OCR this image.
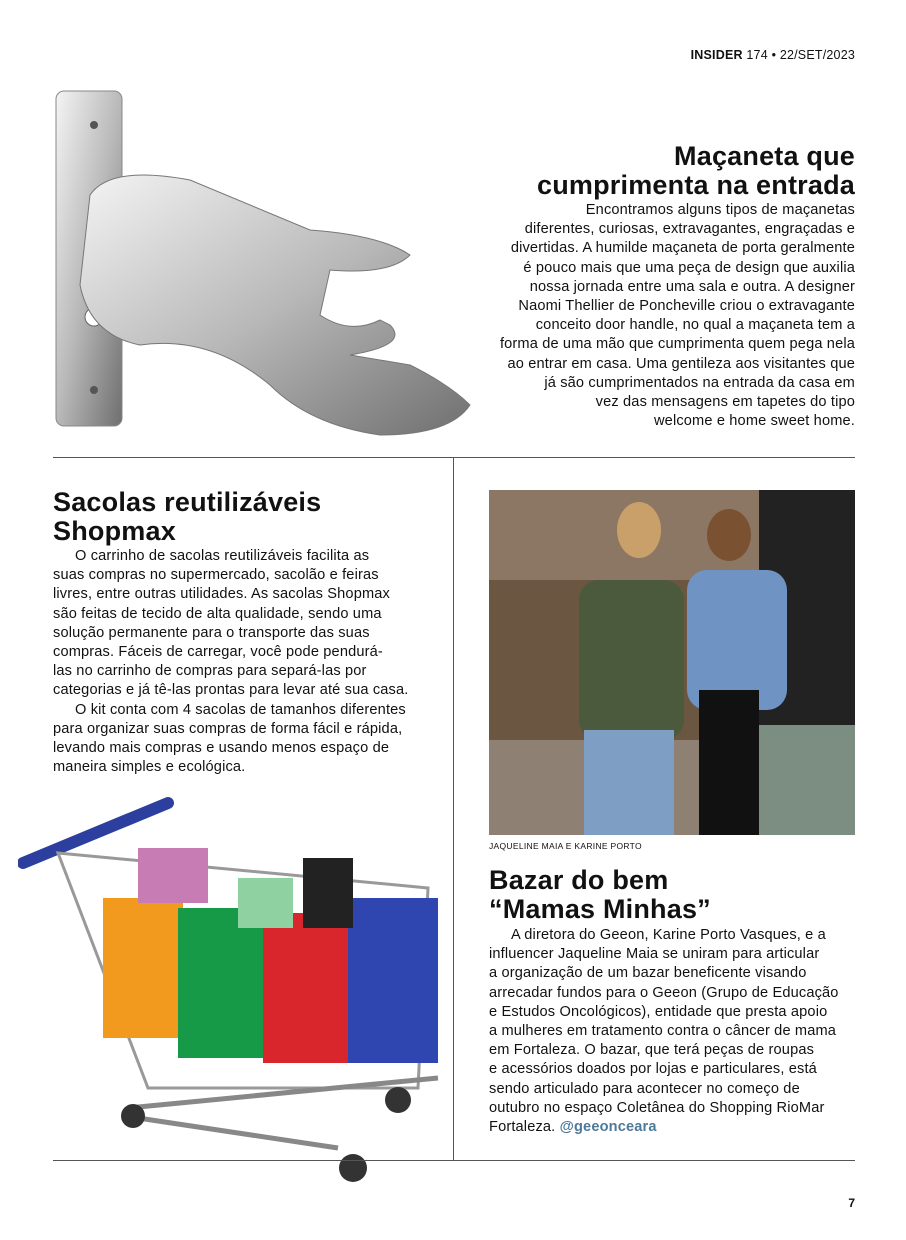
INSIDER 174 • 22/SET/2023
Maçaneta que
cumprimenta na entrada
Encontramos alguns tipos de maçanetas
diferentes, curiosas, extravagantes, engraçadas e
divertidas. A humilde maçaneta de porta geralmente
é pouco mais que uma peça de design que auxilia
nossa jornada entre uma sala e outra. A designer
Naomi Thellier de Poncheville criou o extravagante
conceito door handle, no qual a maçaneta tem a
forma de uma mão que cumprimenta quem pega nela
ao entrar em casa. Uma gentileza aos visitantes que
já são cumprimentados na entrada da casa em
vez das mensagens em tapetes do tipo
welcome e home sweet home.
Sacolas reutilizáveis
Shopmax
O carrinho de sacolas reutilizáveis facilita as
suas compras no supermercado, sacolão e feiras
livres, entre outras utilidades. As sacolas Shopmax
são feitas de tecido de alta qualidade, sendo uma
solução permanente para o transporte das suas
compras. Fáceis de carregar, você pode pendurá-
las no carrinho de compras para separá-las por
categorias e já tê-las prontas para levar até sua casa.
O kit conta com 4 sacolas de tamanhos diferentes
para organizar suas compras de forma fácil e rápida,
levando mais compras e usando menos espaço de
maneira simples e ecológica.
JAQUELINE MAIA E KARINE PORTO
Bazar do bem
“Mamas Minhas”
A diretora do Geeon, Karine Porto Vasques, e a
influencer Jaqueline Maia se uniram para articular
a organização de um bazar beneficente visando
arrecadar fundos para o Geeon (Grupo de Educação
e Estudos Oncológicos), entidade que presta apoio
a mulheres em tratamento contra o câncer de mama
em Fortaleza. O bazar, que terá peças de roupas
e acessórios doados por lojas e particulares, está
sendo articulado para acontecer no começo de
outubro no espaço Coletânea do Shopping RioMar
Fortaleza. @geeonceara
7
